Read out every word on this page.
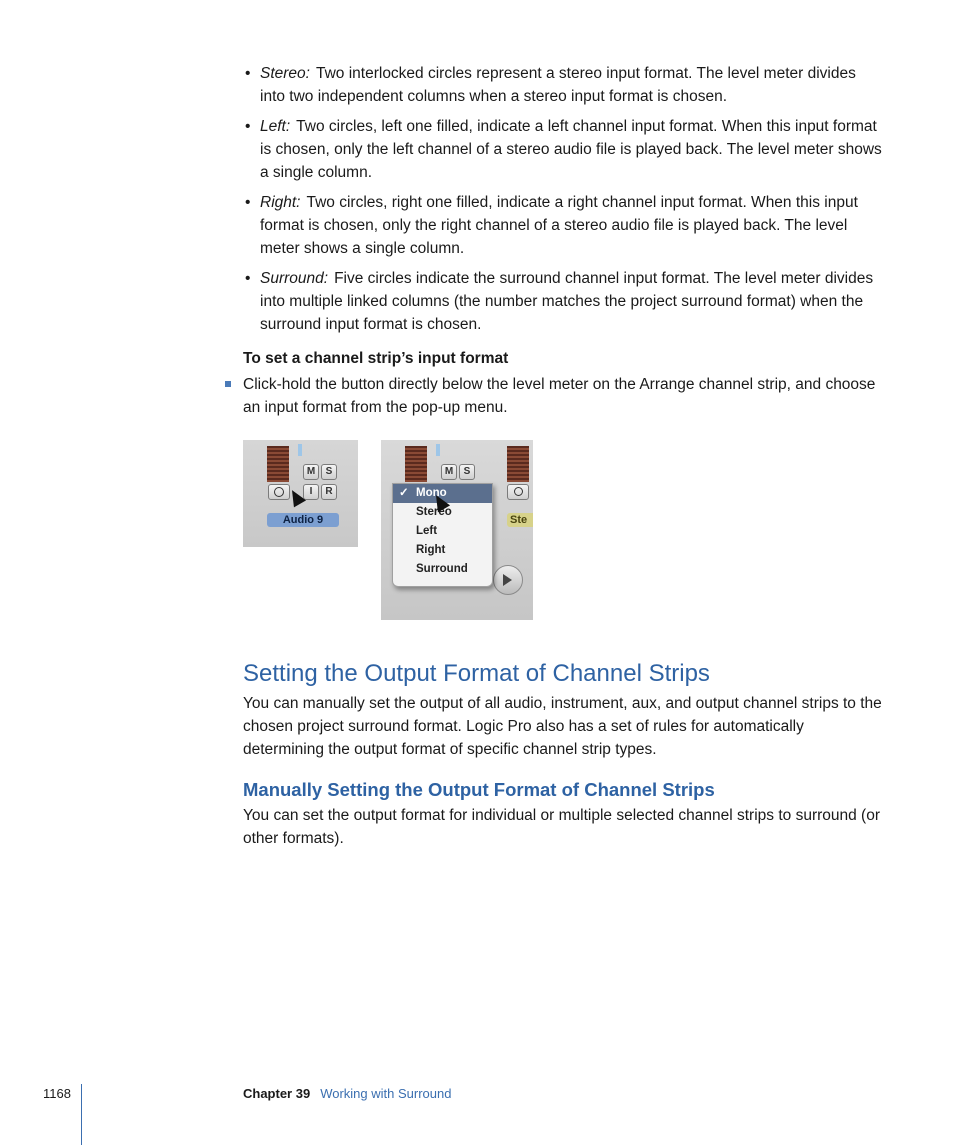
• Stereo: Two interlocked circles represent a stereo input format. The level meter divides into two independent columns when a stereo input format is chosen.
• Left: Two circles, left one filled, indicate a left channel input format. When this input format is chosen, only the left channel of a stereo audio file is played back. The level meter shows a single column.
• Right: Two circles, right one filled, indicate a right channel input format. When this input format is chosen, only the right channel of a stereo audio file is played back. The level meter shows a single column.
• Surround: Five circles indicate the surround channel input format. The level meter divides into multiple linked columns (the number matches the project surround format) when the surround input format is chosen.
To set a channel strip’s input format
Click-hold the button directly below the level meter on the Arrange channel strip, and choose an input format from the pop-up menu.
M	S
I	R
Audio 9
M	S
Ste
✓ Mono
Stereo
Left
Right
Surround
Setting the Output Format of Channel Strips
You can manually set the output of all audio, instrument, aux, and output channel strips to the chosen project surround format. Logic Pro also has a set of rules for automatically determining the output format of specific channel strip types.
Manually Setting the Output Format of Channel Strips
You can set the output format for individual or multiple selected channel strips to surround (or other formats).
1168	Chapter 39 Working with Surround
